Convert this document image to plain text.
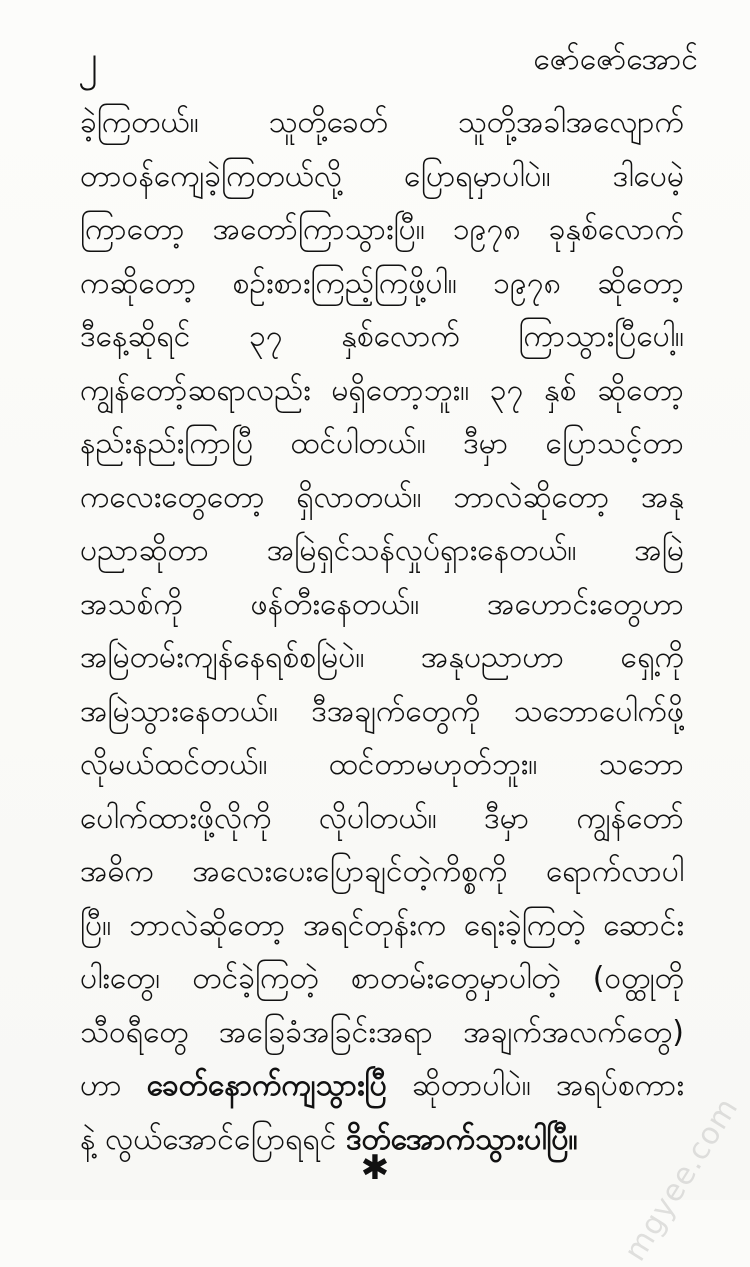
၂	ဇော်ဇော်အောင်
ခဲ့ကြတယ်။ သူတို့ခေတ် သူတို့အခါအလျောက်
တာဝန်ကျေခဲ့ကြတယ်လို့ ပြောရမှာပါပဲ။ ဒါပေမဲ့
ကြာတော့ အတော်ကြာသွားပြီ။ ၁၉၇၈ ခုနှစ်လောက်
ကဆိုတော့ စဉ်းစားကြည့်ကြဖို့ပါ။ ၁၉၇၈ ဆိုတော့
ဒီနေ့ဆိုရင် ၃၇ နှစ်လောက် ကြာသွားပြီပေါ့။
ကျွန်တော့်ဆရာလည်း မရှိတော့ဘူး။ ၃၇ နှစ် ဆိုတော့
နည်းနည်းကြာပြီ ထင်ပါတယ်။ ဒီမှာ ပြောသင့်တာ
ကလေးတွေတော့ ရှိလာတယ်။ ဘာလဲဆိုတော့ အနု
ပညာဆိုတာ အမြဲရှင်သန်လှုပ်ရှားနေတယ်။ အမြဲ
အသစ်ကို ဖန်တီးနေတယ်။ အဟောင်းတွေဟာ
အမြဲတမ်းကျန်နေရစ်စမြဲပဲ။ အနုပညာဟာ ရှေ့ကို
အမြဲသွားနေတယ်။ ဒီအချက်တွေကို သဘောပေါက်ဖို့
လိုမယ်ထင်တယ်။ ထင်တာမဟုတ်ဘူး။ သဘော
ပေါက်ထားဖို့လိုကို လိုပါတယ်။ ဒီမှာ ကျွန်တော်
အဓိက အလေးပေးပြောချင်တဲ့ကိစ္စကို ရောက်လာပါ
ပြီ။ ဘာလဲဆိုတော့ အရင်တုန်းက ရေးခဲ့ကြတဲ့ ဆောင်း
ပါးတွေ၊ တင်ခဲ့ကြတဲ့ စာတမ်းတွေမှာပါတဲ့ (ဝတ္ထုတို
သီဝရီတွေ အခြေခံအခြင်းအရာ အချက်အလက်တွေ)
ဟာ ခေတ်နောက်ကျသွားပြီ ဆိုတာပါပဲ။ အရပ်စကား
နဲ့ လွယ်အောင်ပြောရရင် ဒိတ်အောက်သွားပါပြီ။
✱	mgyee.com
